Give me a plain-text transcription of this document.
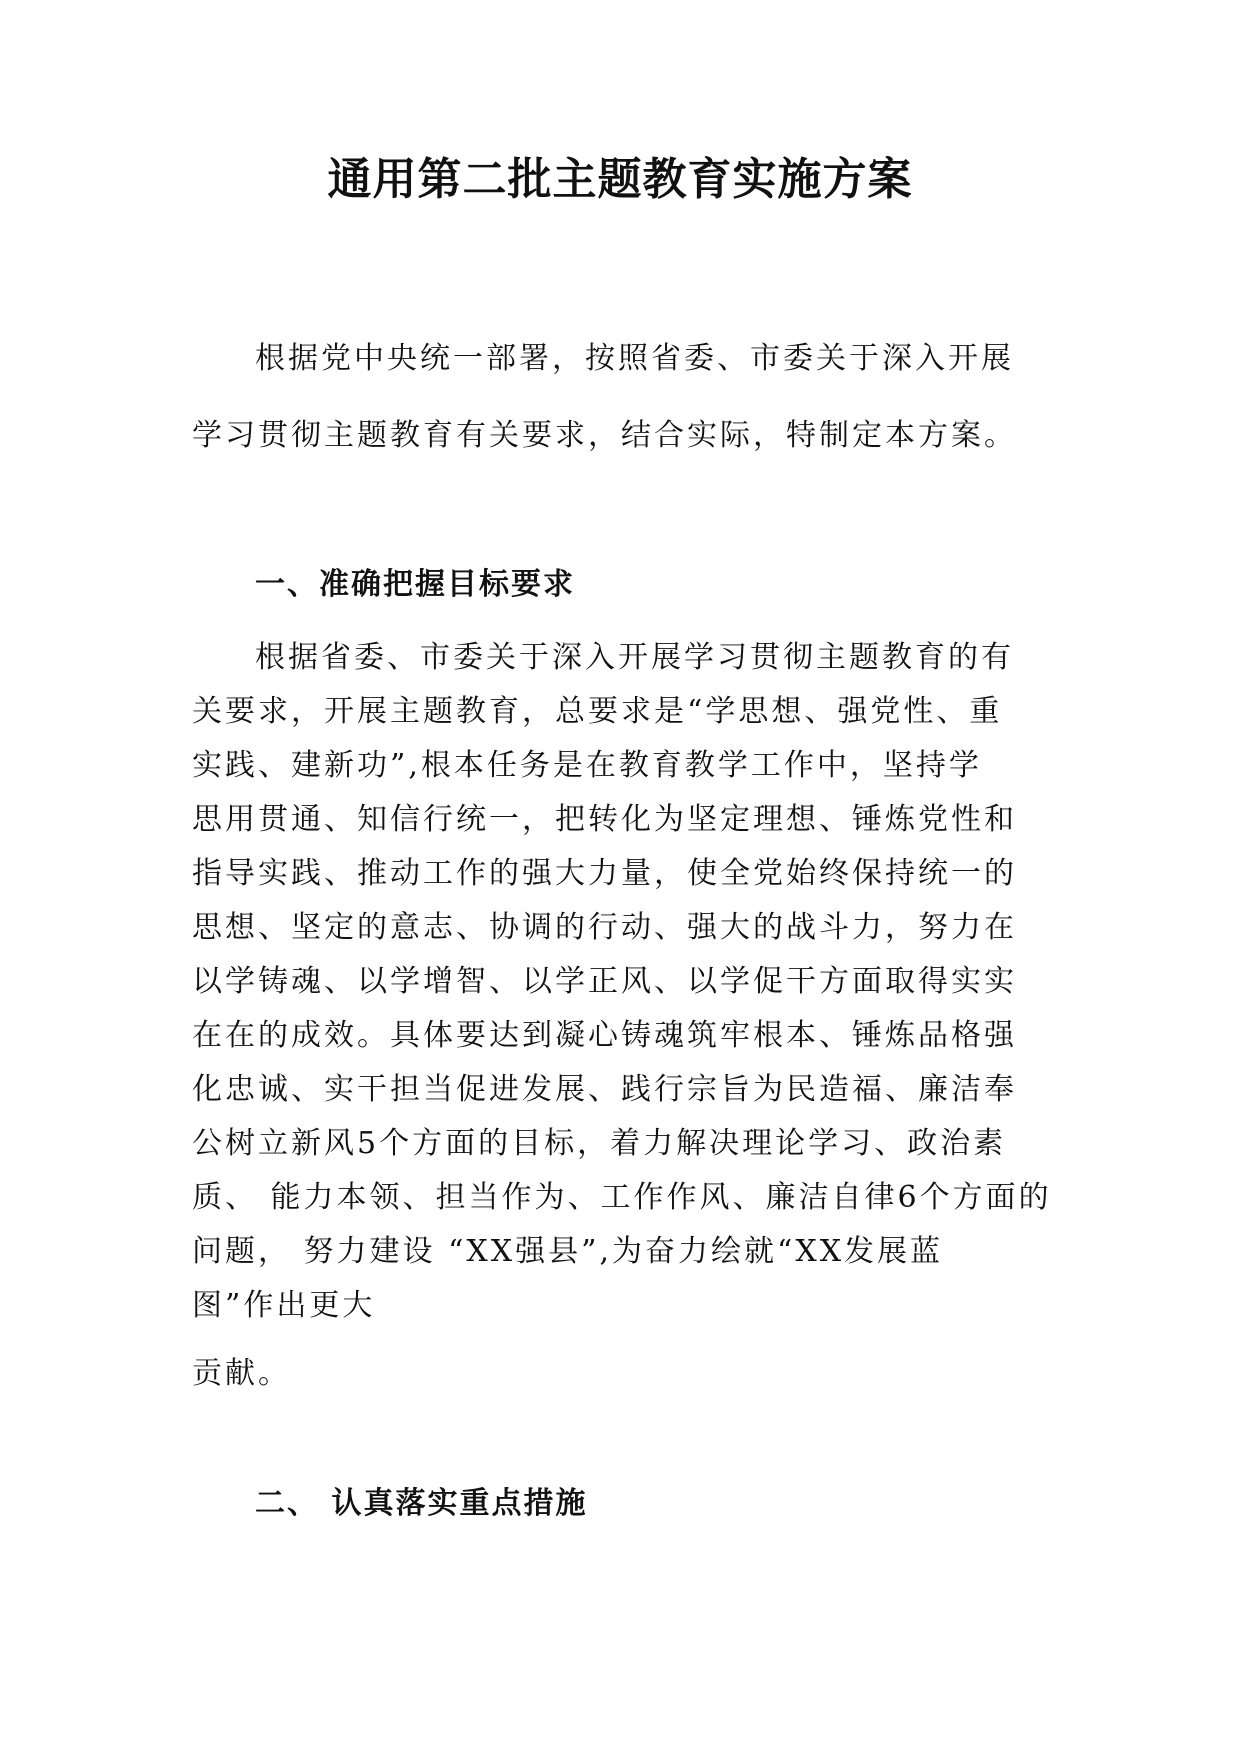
通用第二批主题教育实施方案

根据党中央统一部署，按照省委、市委关于深入开展

学习贯彻主题教育有关要求，结合实际，特制定本方案。

一、准确把握目标要求

根据省委、市委关于深入开展学习贯彻主题教育的有

关要求，开展主题教育，总要求是“学思想、强党性、重

实践、建新功”,根本任务是在教育教学工作中，坚持学

思用贯通、知信行统一，把转化为坚定理想、锤炼党性和

指导实践、推动工作的强大力量，使全党始终保持统一的

思想、坚定的意志、协调的行动、强大的战斗力，努力在

以学铸魂、以学增智、以学正风、以学促干方面取得实实

在在的成效。具体要达到凝心铸魂筑牢根本、锤炼品格强

化忠诚、实干担当促进发展、践行宗旨为民造福、廉洁奉

公树立新风5个方面的目标，着力解决理论学习、政治素

质、 能力本领、担当作为、工作作风、廉洁自律6个方面的

问题， 努力建设 “XX强县”,为奋力绘就“XX发展蓝

图”作出更大

贡献。

二、 认真落实重点措施
